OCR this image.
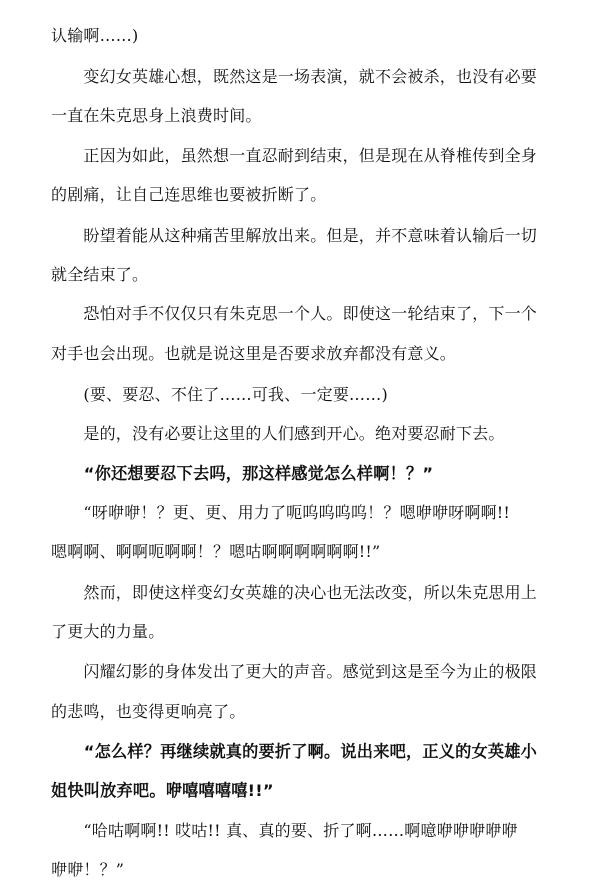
认输啊……)
　　变幻女英雄心想，既然这是一场表演，就不会被杀，也没有必要
一直在朱克思身上浪费时间。
　　正因为如此，虽然想一直忍耐到结束，但是现在从脊椎传到全身
的剧痛，让自己连思维也要被折断了。
　　盼望着能从这种痛苦里解放出来。但是，并不意味着认输后一切
就全结束了。
　　恐怕对手不仅仅只有朱克思一个人。即使这一轮结束了，下一个
对手也会出现。也就是说这里是否要求放弃都没有意义。
　　(要、要忍、不住了……可我、一定要……)
　　是的，没有必要让这里的人们感到开心。绝对要忍耐下去。
　　“你还想要忍下去吗，那这样感觉怎么样啊！？”
　　“呀咿咿！？更、更、用力了呃呜呜呜呜！？嗯咿咿呀啊啊!!
嗯啊啊、啊啊呃啊啊！？嗯咕啊啊啊啊啊啊!!”
　　然而，即使这样变幻女英雄的决心也无法改变，所以朱克思用上
了更大的力量。
　　闪耀幻影的身体发出了更大的声音。感觉到这是至今为止的极限
的悲鸣，也变得更响亮了。
　　“怎么样？再继续就真的要折了啊。说出来吧，正义的女英雄小
姐快叫放弃吧。咿嘻嘻嘻嘻!!”
　　“哈咕啊啊!! 哎咕!! 真、真的要、折了啊……啊噫咿咿咿咿咿
咿咿！？”
